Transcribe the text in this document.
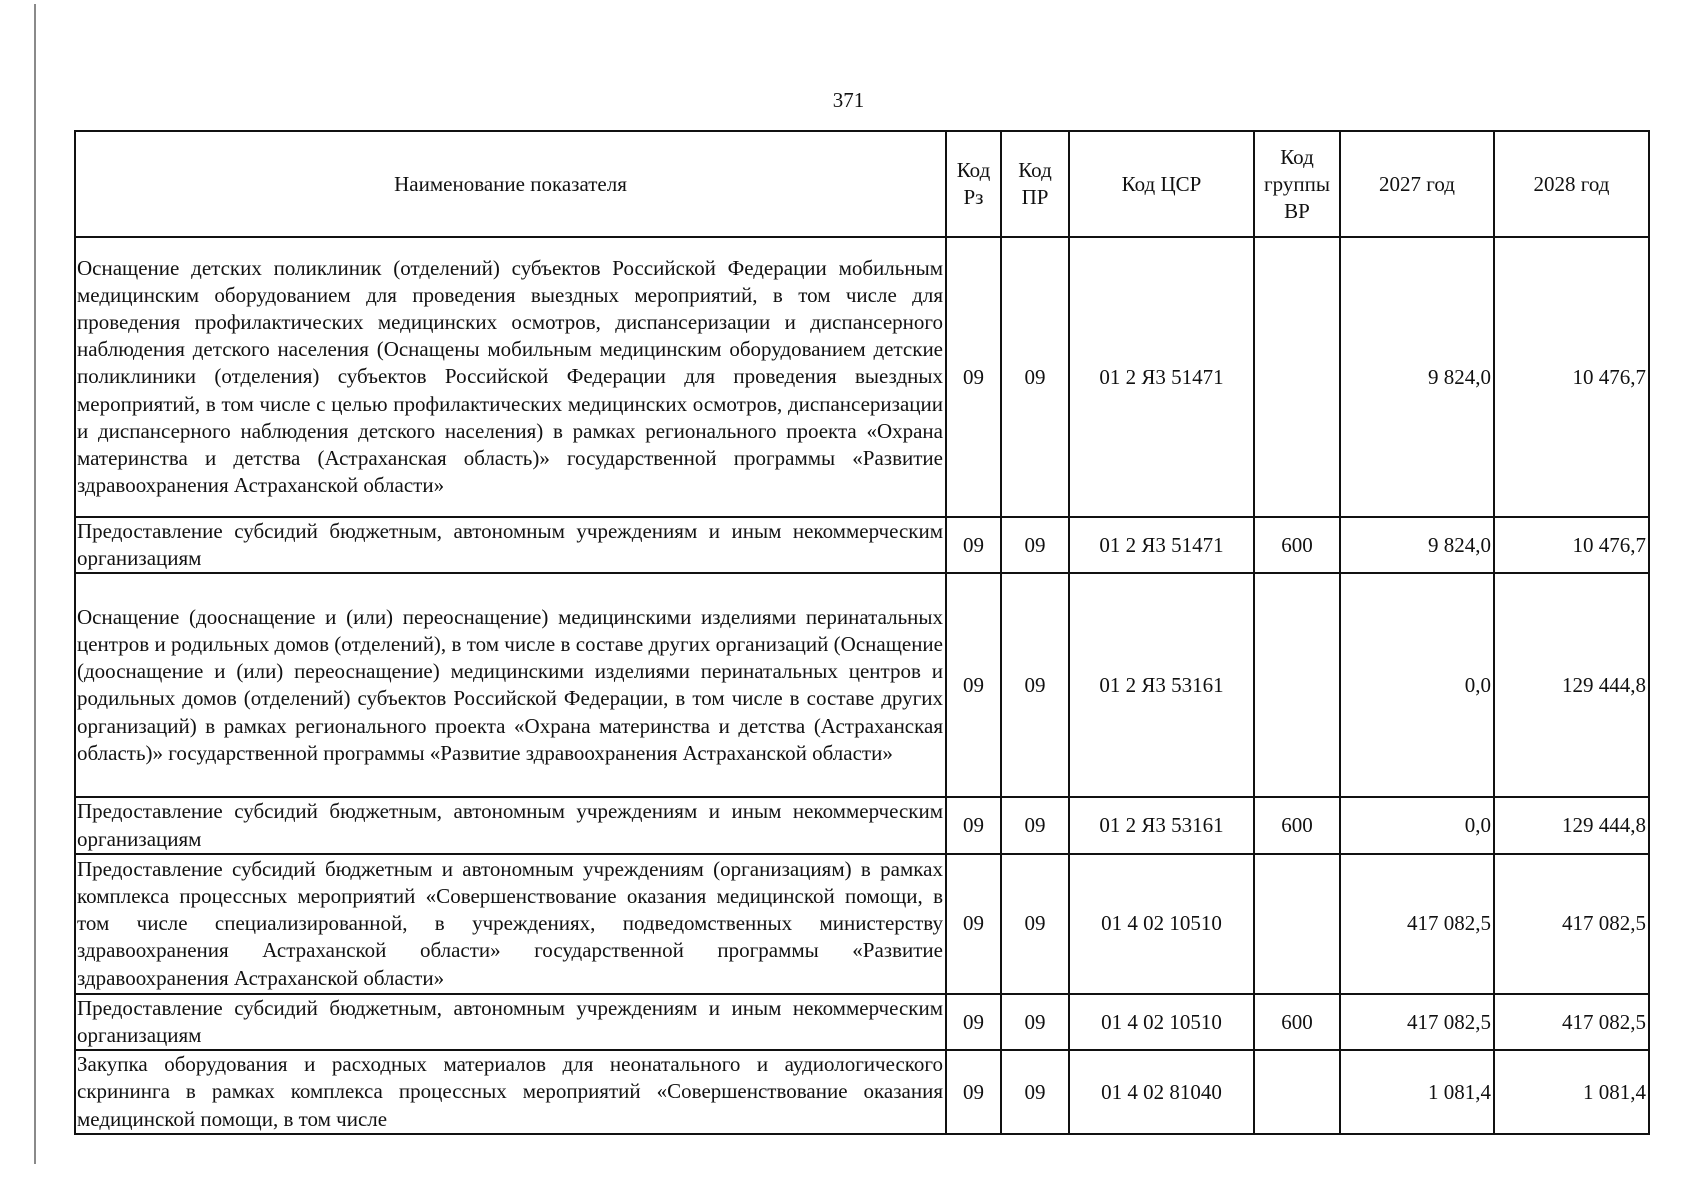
371
Наименование показателя	Код Рз	Код ПР	Код ЦСР	Код группы ВР	2027 год	2028 год
Оснащение детских поликлиник (отделений) субъектов Российской Федерации мобильным медицинским оборудованием для проведения выездных мероприятий, в том числе для проведения профилактических медицинских осмотров, диспансеризации и диспансерного наблюдения детского населения (Оснащены мобильным медицинским оборудованием детские поликлиники (отделения) субъектов Российской Федерации для проведения выездных мероприятий, в том числе с целью профилактических медицинских осмотров, диспансеризации и диспансерного наблюдения детского населения) в рамках регионального проекта «Охрана материнства и детства (Астраханская область)» государственной программы «Развитие здравоохранения Астраханской области»	09	09	01 2 Я3 51471		9 824,0	10 476,7
Предоставление субсидий бюджетным, автономным учреждениям и иным некоммерческим организациям	09	09	01 2 Я3 51471	600	9 824,0	10 476,7
Оснащение (дооснащение и (или) переоснащение) медицинскими изделиями перинатальных центров и родильных домов (отделений), в том числе в составе других организаций (Оснащение (дооснащение и (или) переоснащение) медицинскими изделиями перинатальных центров и родильных домов (отделений) субъектов Российской Федерации, в том числе в составе других организаций) в рамках регионального проекта «Охрана материнства и детства (Астраханская область)» государственной программы «Развитие здравоохранения Астраханской области»	09	09	01 2 Я3 53161		0,0	129 444,8
Предоставление субсидий бюджетным, автономным учреждениям и иным некоммерческим организациям	09	09	01 2 Я3 53161	600	0,0	129 444,8
Предоставление субсидий бюджетным и автономным учреждениям (организациям) в рамках комплекса процессных мероприятий «Совершенствование оказания медицинской помощи, в том числе специализированной, в учреждениях, подведомственных министерству здравоохранения Астраханской области» государственной программы «Развитие здравоохранения Астраханской области»	09	09	01 4 02 10510		417 082,5	417 082,5
Предоставление субсидий бюджетным, автономным учреждениям и иным некоммерческим организациям	09	09	01 4 02 10510	600	417 082,5	417 082,5
Закупка оборудования и расходных материалов для неонатального и аудиологического скрининга в рамках комплекса процессных мероприятий «Совершенствование оказания медицинской помощи, в том числе	09	09	01 4 02 81040		1 081,4	1 081,4
